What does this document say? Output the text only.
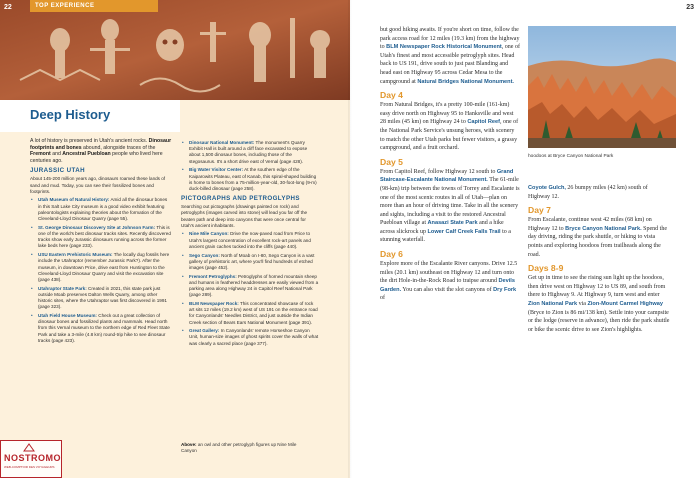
22	TOP EXPERIENCE
Deep History

A lot of history is preserved in Utah's ancient rocks. Dinosaur footprints and bones abound, alongside traces of the Fremont and Ancestral Puebloan people who lived here centuries ago.

JURASSIC UTAH

About 145-200 million years ago, dinosaurs roamed these lands of sand and mud. Today, you can see their fossilized bones and footprints.

• Utah Museum of Natural History: Amid all the dinosaur bones in this Salt Lake City museum is a good video exhibit featuring paleontologists explaining theories about the formation of the Cleveland-Lloyd Dinosaur Quarry (page 55).
• St. George Dinosaur Discovery Site at Johnson Farm: This is one of the world's best dinosaur tracks sites. Recently discovered tracks show early Jurassic dinosaurs running across the former lake beds here (page 233).
• USU Eastern Prehistoric Museum: The locally dug fossils here include the Utahraptor (remember Jurassic Park?). After the museum, in downtown Price, drive east from Huntington to the Cleveland-Lloyd Dinosaur Quarry and visit the excavation site (page 438).
• Utahraptor State Park: Created in 2021, this state park just outside Moab preserves Dalton Wells Quarry, among other historic sites, where the Utahraptor was first discovered in 1991 (page 323).
• Utah Field House Museum: Check out a great collection of dinosaur bones and fossilized plants and mammals. Head north from this Vernal museum to the northern edge of Red Fleet State Park and take a 3-mile (4.8 km) round-trip hike to see dinosaur tracks (page 423).
• Dinosaur National Monument: The monument's Quarry Exhibit Hall is built around a cliff face excavated to expose about 1,500 dinosaur bones, including those of the stegosaurus. It's a short drive east of Vernal (page 428).
• Big Water Visitor Center: At the southern edge of the Kaiparowits Plateau, east of Kanab, this spiral-shaped building is home to bones from a 75-million-year-old, 30-foot-long (9-m) duck-billed dinosaur (page 258).
PICTOGRAPHS AND PETROGLYPHS

Searching out pictographs (drawings painted on rock) and petroglyphs (images carved into stone) will lead you far off the beaten path and deep into canyons that were once central for Utah's ancient inhabitants.

• Nine Mile Canyon: Drive the now-paved road from Price to Utah's largest concentration of excellent rock-art panels and ancient grain caches tucked into the cliffs (page 440).
• Sego Canyon: North of Moab on I-80, Sego Canyon is a vast gallery of prehistoric art, where you'll find hundreds of etched images (page 452).
• Fremont Petroglyphs: Petroglyphs of horned mountain sheep and humans in feathered headdresses are easily viewed from a parking area along Highway 24 in Capitol Reef National Park (page 289).
• BLM Newspaper Rock: This concentrated showcase of rock art sits 12 miles (19.2 km) west of US 191 on the entrance road for Canyonlands' Needles District, and just outside the Indian Creek section of Bears Ears National Monument (page 391).
• Great Gallery: In Canyonlands' remote Horseshoe Canyon Unit, human-size images of ghost spirits cover the walls of what was clearly a sacred place (page 377).
Above: an owl and other petroglyph figures up Nine Mile Canyon
NOSTROMO
WEB-COMPTOIR DES VOYAGEURS
23

but good hiking awaits. If you're short on time, follow the park access road for 12 miles (19.3 km) from the highway to BLM Newspaper Rock Historical Monument, one of Utah's finest and most accessible petroglyph sites. Head back to US 191, drive south to just past Blanding and head east on Highway 95 across Cedar Mesa to the campground at Natural Bridges National Monument.

Day 4

From Natural Bridges, it's a pretty 100-mile (161-km) easy drive north on Highway 95 to Hanksville and west 28 miles (45 km) on Highway 24 to Capitol Reef, one of the National Park Service's unsung heroes, with scenery to match the other Utah parks but fewer visitors, a grassy campground, and a fruit orchard.

Day 5

From Capitol Reef, follow Highway 12 south to Grand Staircase-Escalante National Monument. The 61-mile (98-km) trip between the towns of Torrey and Escalante is one of the most scenic routes in all of Utah—plan on more than an hour of driving time. Take in all the scenery and sights, including a visit to the restored Ancestral Puebloan village at Anasazi State Park and a hike across slickrock up Lower Calf Creek Falls Trail to a stunning waterfall.

Day 6

Explore more of the Escalante River canyons. Drive 12.5 miles (20.1 km) southeast on Highway 12 and turn onto the dirt Hole-in-the-Rock Road to traipse around Devils Garden. You can also visit the slot canyons of Dry Fork of

hoodoos at Bryce Canyon National Park

Coyote Gulch, 26 bumpy miles (42 km) south of Highway 12.

Day 7

From Escalante, continue west 42 miles (68 km) on Highway 12 to Bryce Canyon National Park. Spend the day driving, riding the park shuttle, or hiking to vista points and exploring hoodoos from trailheads along the road.

Days 8-9

Get up in time to see the rising sun light up the hoodoos, then drive west on Highway 12 to US 89, and south from there to Highway 9. At Highway 9, turn west and enter Zion National Park via Zion-Mount Carmel Highway (Bryce to Zion is 86 mi/138 km). Settle into your campsite or the lodge (reserve in advance), then ride the park shuttle or bike the scenic drive to see Zion's highlights.
